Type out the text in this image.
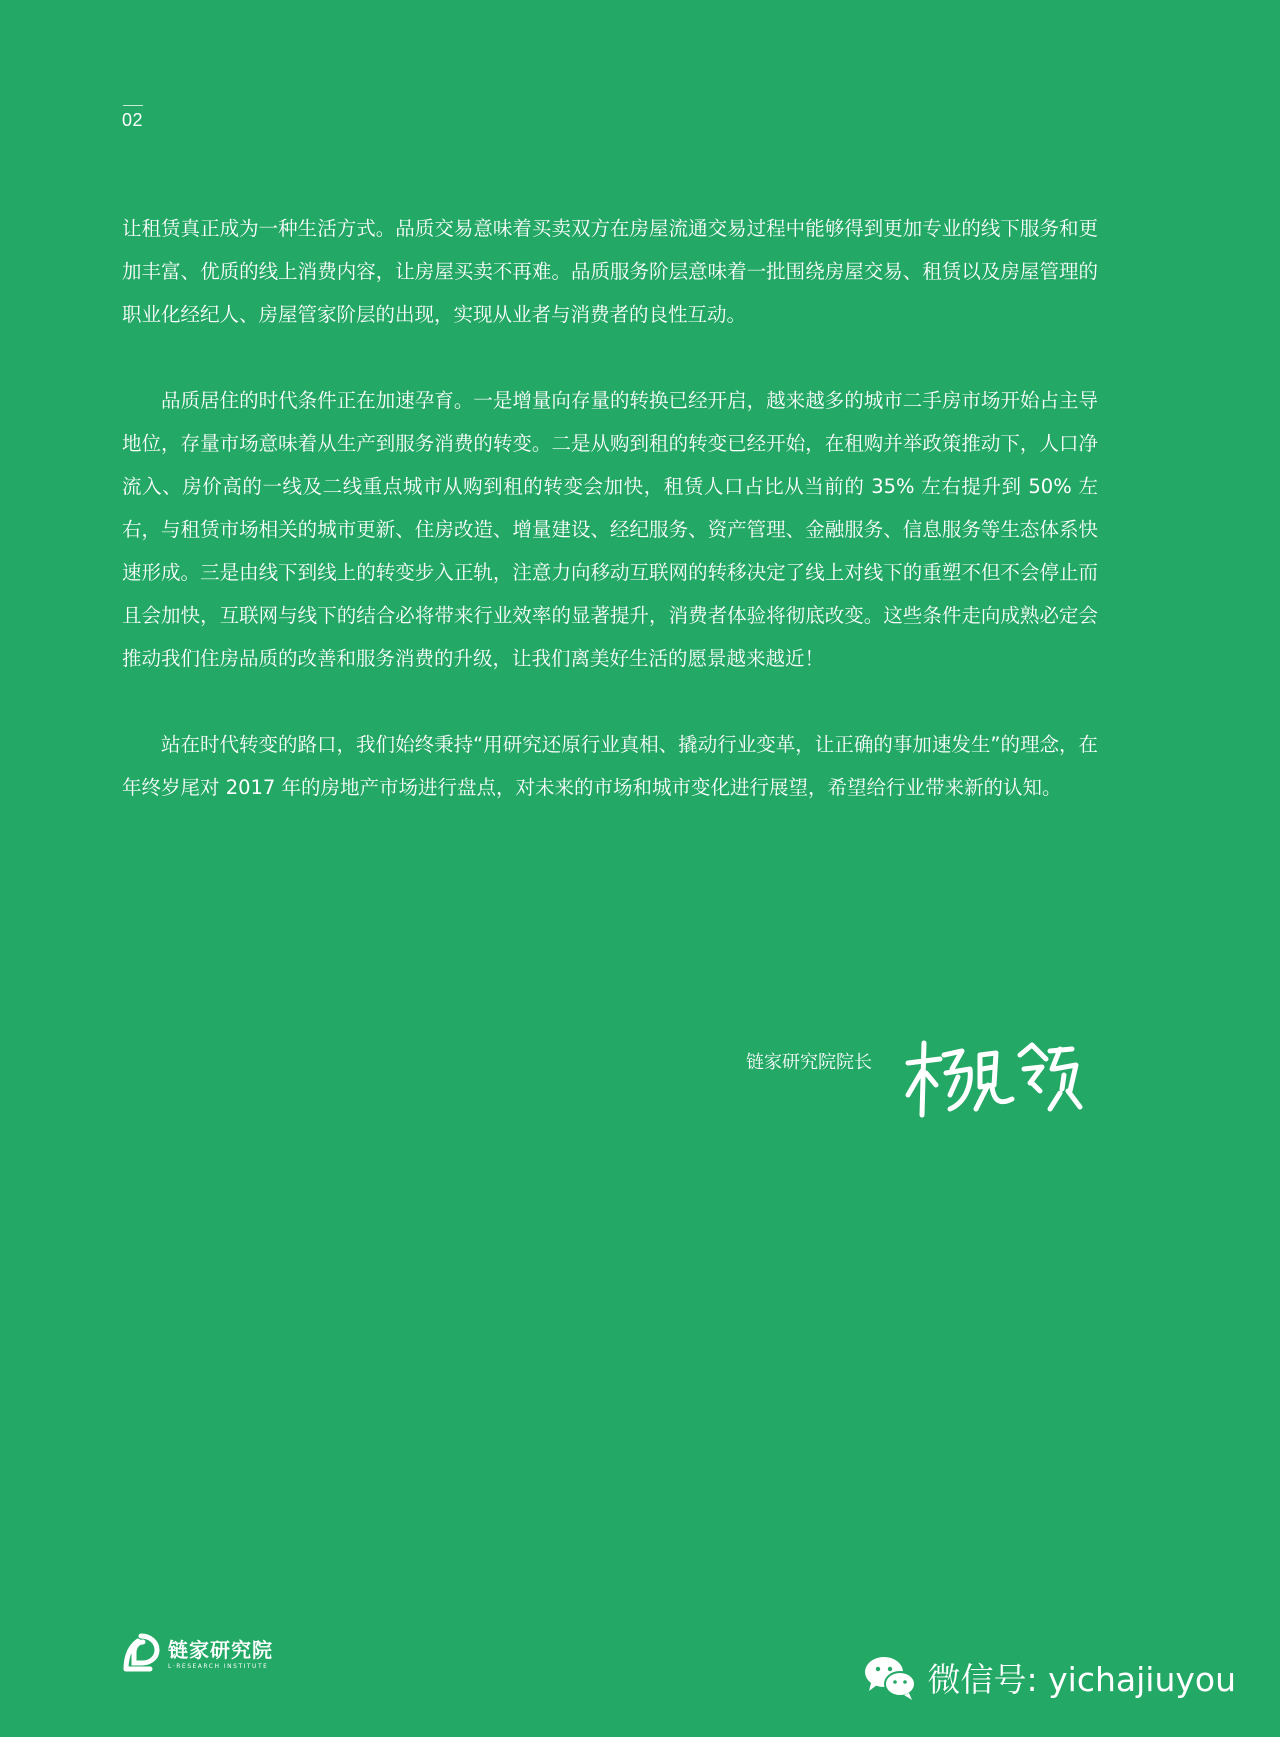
02

让租赁真正成为一种生活方式。品质交易意味着买卖双方在房屋流通交易过程中能够得到更加专业的线下服务和更加丰富、优质的线上消费内容，让房屋买卖不再难。品质服务阶层意味着一批围绕房屋交易、租赁以及房屋管理的职业化经纪人、房屋管家阶层的出现，实现从业者与消费者的良性互动。

品质居住的时代条件正在加速孕育。一是增量向存量的转换已经开启，越来越多的城市二手房市场开始占主导地位，存量市场意味着从生产到服务消费的转变。二是从购到租的转变已经开始，在租购并举政策推动下，人口净流入、房价高的一线及二线重点城市从购到租的转变会加快，租赁人口占比从当前的 35% 左右提升到 50% 左右，与租赁市场相关的城市更新、住房改造、增量建设、经纪服务、资产管理、金融服务、信息服务等生态体系快速形成。三是由线下到线上的转变步入正轨，注意力向移动互联网的转移决定了线上对线下的重塑不但不会停止而且会加快，互联网与线下的结合必将带来行业效率的显著提升，消费者体验将彻底改变。这些条件走向成熟必定会推动我们住房品质的改善和服务消费的升级，让我们离美好生活的愿景越来越近！

站在时代转变的路口，我们始终秉持“用研究还原行业真相、撬动行业变革，让正确的事加速发生”的理念，在年终岁尾对 2017 年的房地产市场进行盘点，对未来的市场和城市变化进行展望，希望给行业带来新的认知。

链家研究院院长
链家研究院
L·RESEARCH INSTITUTE	微信号: yichajiuyou
